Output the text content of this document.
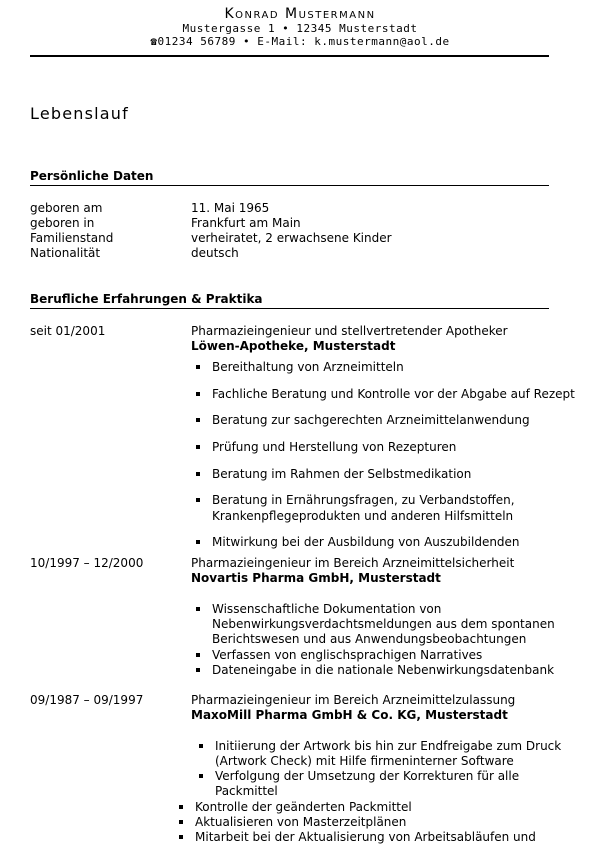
Konrad Mustermann
Mustergasse 1 • 12345 Musterstadt
☎01234 56789 • E-Mail: k.mustermann@aol.de
Lebenslauf
Persönliche Daten
geboren am	11. Mai 1965
geboren in	Frankfurt am Main
Familienstand	verheiratet, 2 erwachsene Kinder
Nationalität	deutsch
Berufliche Erfahrungen & Praktika
seit 01/2001	Pharmazieingenieur und stellvertretender Apotheker
Löwen-Apotheke, Musterstadt
Bereithaltung von Arzneimitteln
Fachliche Beratung und Kontrolle vor der Abgabe auf Rezept
Beratung zur sachgerechten Arzneimittelanwendung
Prüfung und Herstellung von Rezepturen
Beratung im Rahmen der Selbstmedikation
Beratung in Ernährungsfragen, zu Verbandstoffen,
Krankenpflegeprodukten und anderen Hilfsmitteln
Mitwirkung bei der Ausbildung von Auszubildenden
10/1997 – 12/2000	Pharmazieingenieur im Bereich Arzneimittelsicherheit
Novartis Pharma GmbH, Musterstadt
Wissenschaftliche Dokumentation von
Nebenwirkungsverdachtsmeldungen aus dem spontanen
Berichtswesen und aus Anwendungsbeobachtungen
Verfassen von englischsprachigen Narratives
Dateneingabe in die nationale Nebenwirkungsdatenbank
09/1987 – 09/1997	Pharmazieingenieur im Bereich Arzneimittelzulassung
MaxoMill Pharma GmbH & Co. KG, Musterstadt
Initiierung der Artwork bis hin zur Endfreigabe zum Druck
(Artwork Check) mit Hilfe firmeninterner Software
Verfolgung der Umsetzung der Korrekturen für alle
Packmittel
Kontrolle der geänderten Packmittel
Aktualisieren von Masterzeitplänen
Mitarbeit bei der Aktualisierung von Arbeitsabläufen und
